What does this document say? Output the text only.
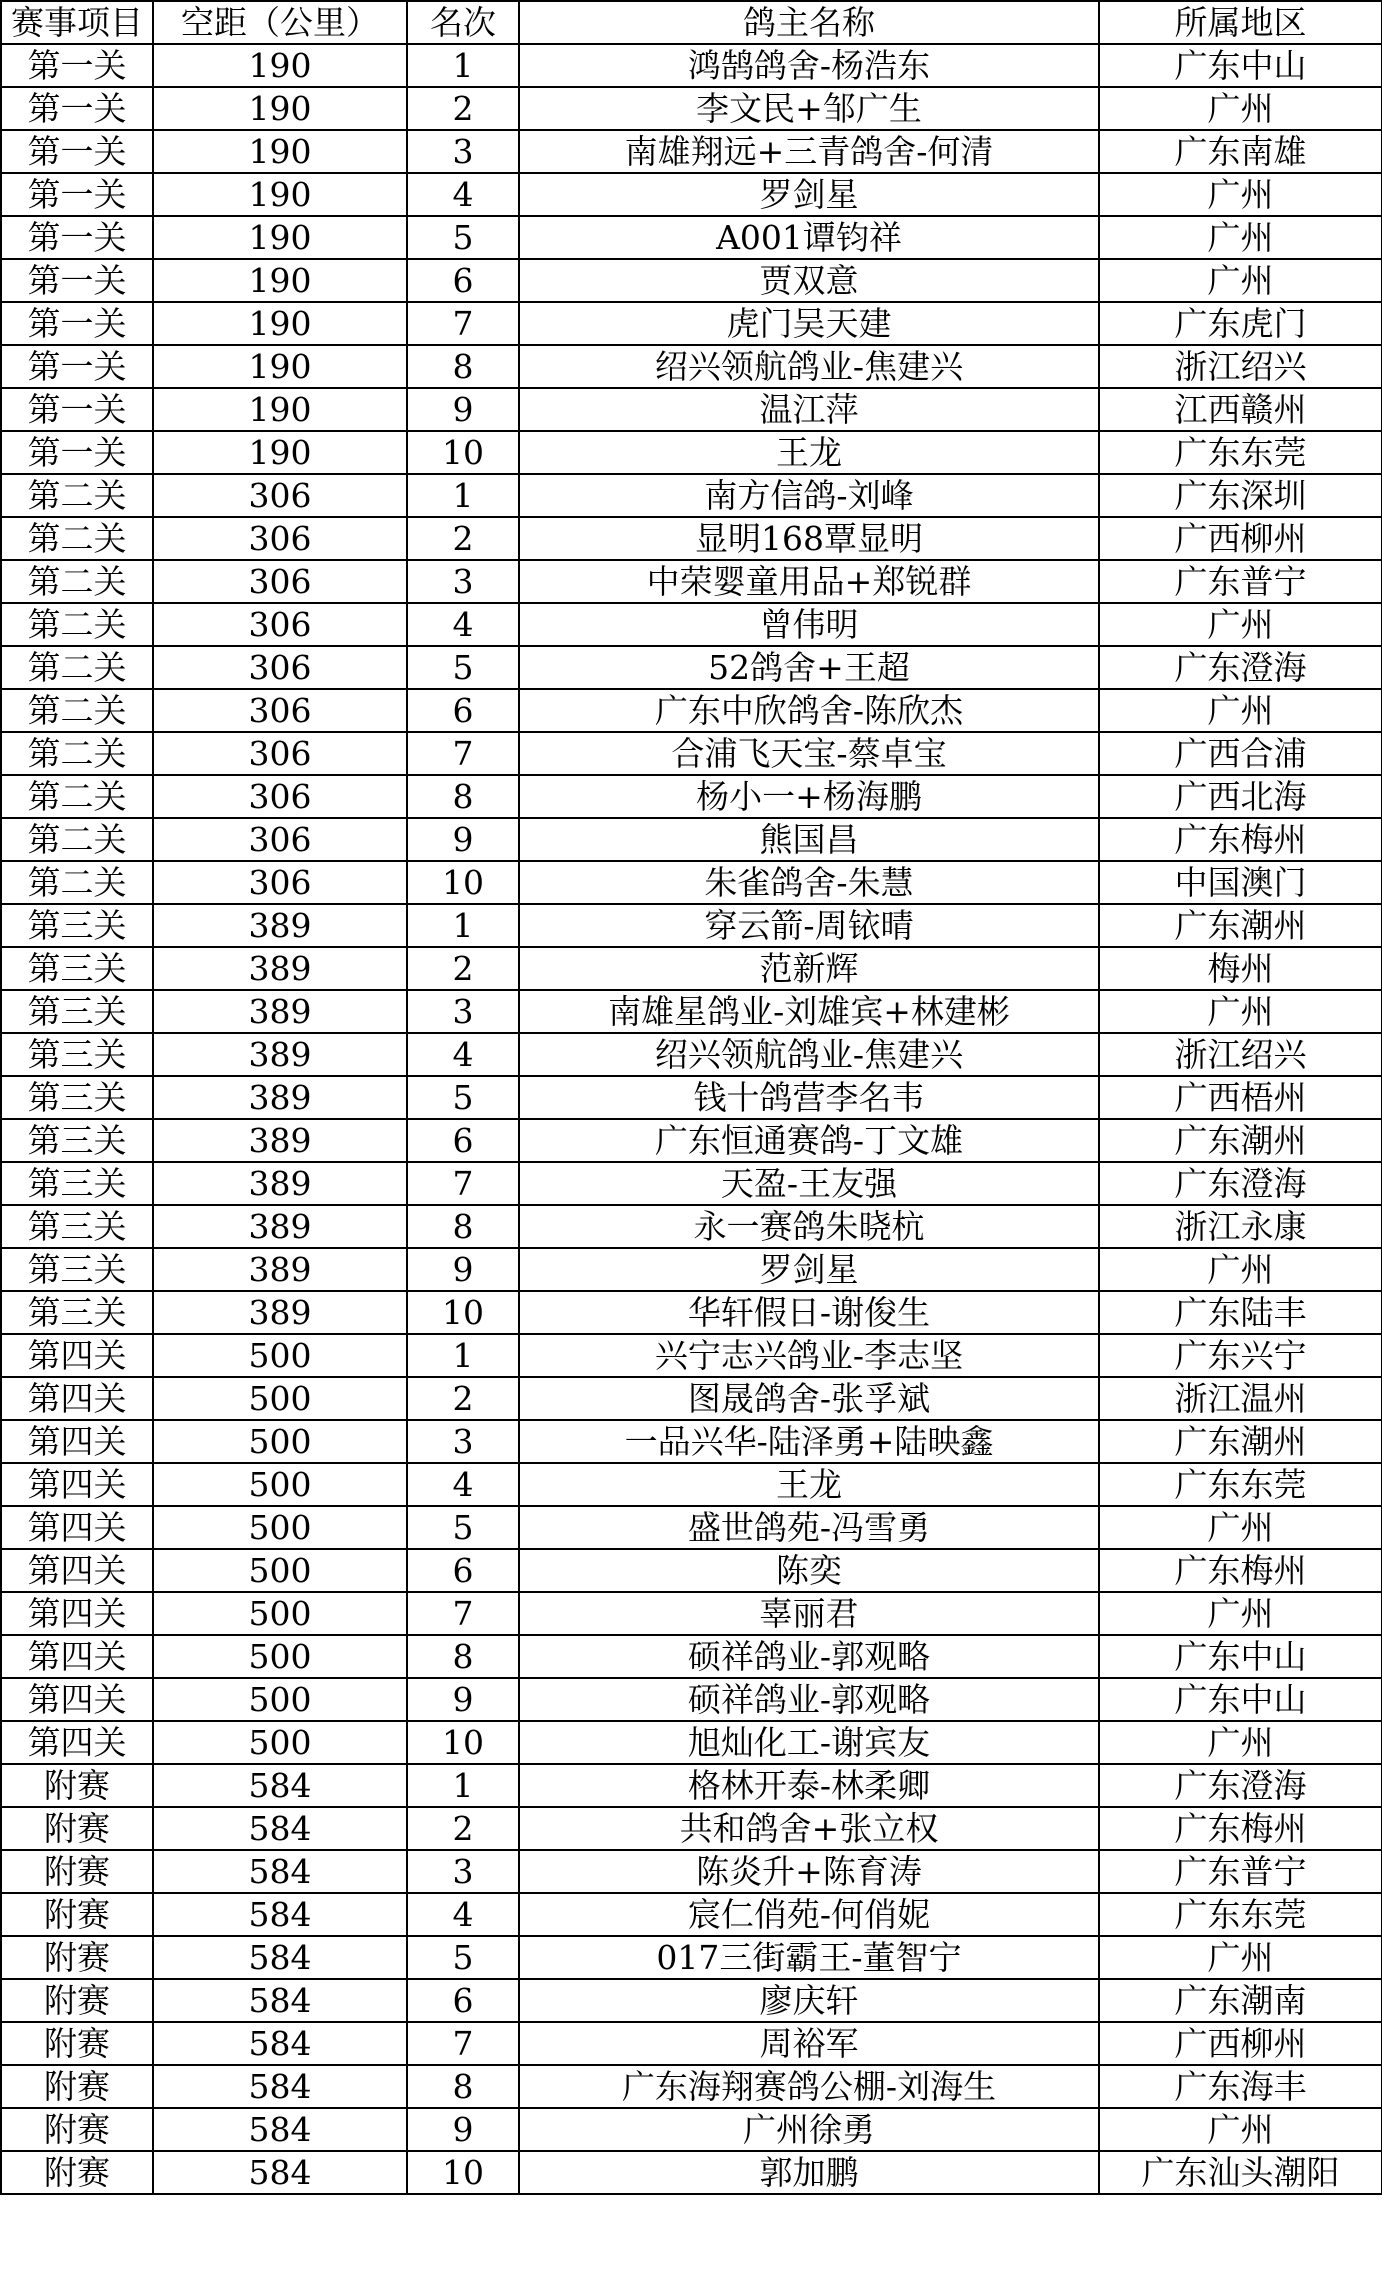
赛事项目	空距（公里）	名次	鸽主名称	所属地区
第一关	190	1	鸿鹄鸽舍-杨浩东	广东中山
第一关	190	2	李文民+邹广生	广州
第一关	190	3	南雄翔远+三青鸽舍-何清	广东南雄
第一关	190	4	罗剑星	广州
第一关	190	5	A001谭钧祥	广州
第一关	190	6	贾双意	广州
第一关	190	7	虎门吴天建	广东虎门
第一关	190	8	绍兴领航鸽业-焦建兴	浙江绍兴
第一关	190	9	温江萍	江西赣州
第一关	190	10	王龙	广东东莞
第二关	306	1	南方信鸽-刘峰	广东深圳
第二关	306	2	显明168覃显明	广西柳州
第二关	306	3	中荣婴童用品+郑锐群	广东普宁
第二关	306	4	曾伟明	广州
第二关	306	5	52鸽舍+王超	广东澄海
第二关	306	6	广东中欣鸽舍-陈欣杰	广州
第二关	306	7	合浦飞天宝-蔡卓宝	广西合浦
第二关	306	8	杨小一+杨海鹏	广西北海
第二关	306	9	熊国昌	广东梅州
第二关	306	10	朱雀鸽舍-朱慧	中国澳门
第三关	389	1	穿云箭-周铱晴	广东潮州
第三关	389	2	范新辉	梅州
第三关	389	3	南雄星鸽业-刘雄宾+林建彬	广州
第三关	389	4	绍兴领航鸽业-焦建兴	浙江绍兴
第三关	389	5	钱十鸽营李名韦	广西梧州
第三关	389	6	广东恒通赛鸽-丁文雄	广东潮州
第三关	389	7	天盈-王友强	广东澄海
第三关	389	8	永一赛鸽朱晓杭	浙江永康
第三关	389	9	罗剑星	广州
第三关	389	10	华轩假日-谢俊生	广东陆丰
第四关	500	1	兴宁志兴鸽业-李志坚	广东兴宁
第四关	500	2	图晟鸽舍-张孚斌	浙江温州
第四关	500	3	一品兴华-陆泽勇+陆映鑫	广东潮州
第四关	500	4	王龙	广东东莞
第四关	500	5	盛世鸽苑-冯雪勇	广州
第四关	500	6	陈奕	广东梅州
第四关	500	7	辜丽君	广州
第四关	500	8	硕祥鸽业-郭观略	广东中山
第四关	500	9	硕祥鸽业-郭观略	广东中山
第四关	500	10	旭灿化工-谢宾友	广州
附赛	584	1	格林开泰-林柔卿	广东澄海
附赛	584	2	共和鸽舍+张立权	广东梅州
附赛	584	3	陈炎升+陈育涛	广东普宁
附赛	584	4	宸仁俏苑-何俏妮	广东东莞
附赛	584	5	017三街霸王-董智宁	广州
附赛	584	6	廖庆轩	广东潮南
附赛	584	7	周裕军	广西柳州
附赛	584	8	广东海翔赛鸽公棚-刘海生	广东海丰
附赛	584	9	广州徐勇	广州
附赛	584	10	郭加鹏	广东汕头潮阳
